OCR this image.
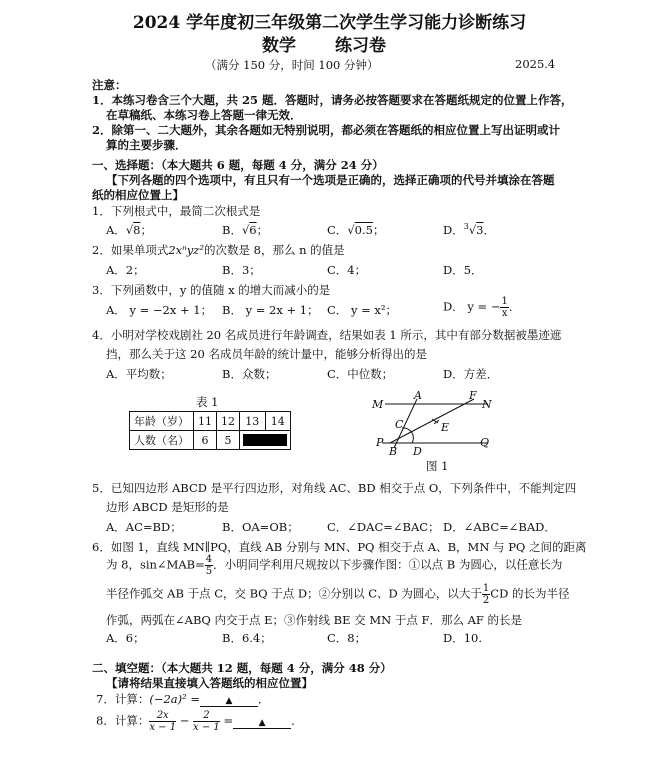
2024 学年度初三年级第二次学生学习能力诊断练习
数学 练习卷
（满分 150 分，时间 100 分钟）	2025.4
注意：
1．本练习卷含三个大题，共 25 题．答题时，请务必按答题要求在答题纸规定的位置上作答，
在草稿纸、本练习卷上答题一律无效．
2．除第一、二大题外，其余各题如无特别说明，都必须在答题纸的相应位置上写出证明或计
算的主要步骤．
一、选择题：（本大题共 6 题，每题 4 分，满分 24 分）
【下列各题的四个选项中，有且只有一个选项是正确的，选择正确项的代号并填涂在答题
纸的相应位置上】
1．下列根式中，最简二次根式是
A．√8；	B．√6；	C．√0.5；	D．$^3$√3．
2．如果单项式2xⁿyz²的次数是 8，那么 n 的值是
A．2；	B．3；	C．4；	D．5．
3．下列函数中，y 的值随 x 的增大而减小的是
A． y = −2x + 1； B． y = 2x + 1； C． y = x²；	D． y = − $\frac{1}{x}$ ．
4．小明对学校戏剧社 20 名成员进行年龄调查，结果如表 1 所示，其中有部分数据被墨迹遮
挡，那么关于这 20 名成员年龄的统计量中，能够分析得出的是
A．平均数；	B．众数；	C．中位数；	D．方差．
表 1
年龄（岁）	11	12	13	14
人数（名）	6	5		
M
A	F
N
C	E
P
B D
Q
图 1
5．已知四边形 ABCD 是平行四边形，对角线 AC、BD 相交于点 O，下列条件中，不能判定四
边形 ABCD 是矩形的是
A．AC=BD；	B．OA=OB； C．∠DAC=∠BAC； D．∠ABC=∠BAD．
6．如图 1，直线 MN∥PQ，直线 AB 分别与 MN、PQ 相交于点 A、B，MN 与 PQ 之间的距离
为 8，sin∠MAB= $\frac{4}{5}$ ．小明同学利用尺规按以下步骤作图：①以点 B 为圆心，以任意长为
半径作弧交 AB 于点 C，交 BQ 于点 D；②分别以 C、D 为圆心，以大于 $\frac{1}{2}$ CD 的长为半径
作弧，两弧在∠ABQ 内交于点 E；③作射线 BE 交 MN 于点 F．那么 AF 的长是
A．6；	B．6.4；	C．8；	D．10.
二、填空题：（本大题共 12 题，每题 4 分，满分 48 分）
【请将结果直接填入答题纸的相应位置】
7．计算：(−2a)² =	▲ ．
8．计算： $\frac{2x}{x - 1} - \frac{2}{x - 1}$ =	▲ ．
